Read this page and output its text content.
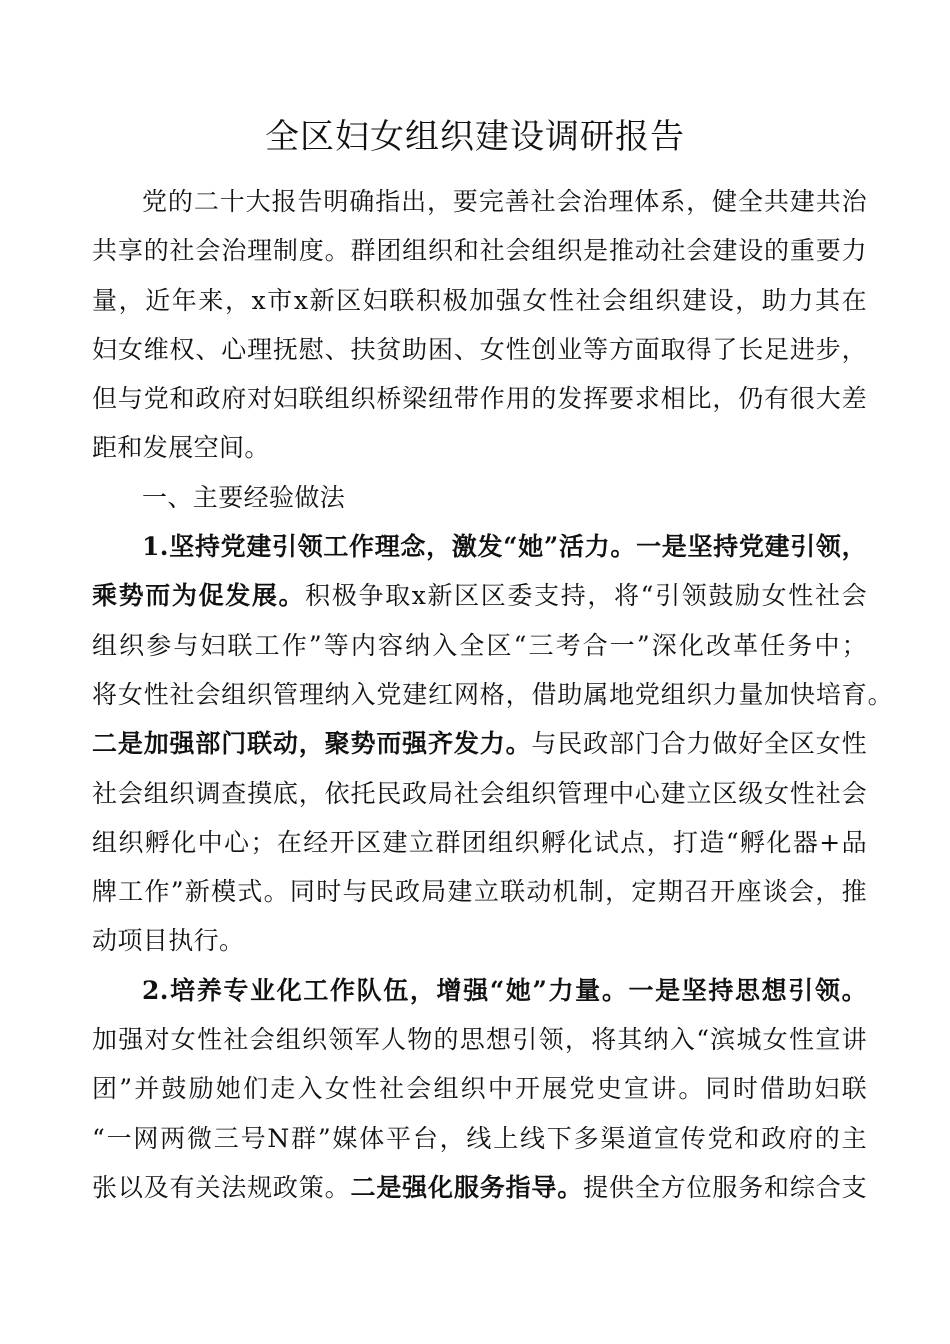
全区妇女组织建设调研报告
党的二十大报告明确指出，要完善社会治理体系，健全共建共治
共享的社会治理制度。群团组织和社会组织是推动社会建设的重要力
量，近年来，x市x新区妇联积极加强女性社会组织建设，助力其在
妇女维权、心理抚慰、扶贫助困、女性创业等方面取得了长足进步，
但与党和政府对妇联组织桥梁纽带作用的发挥要求相比，仍有很大差
距和发展空间。
一、主要经验做法
1.坚持党建引领工作理念，激发“她”活力。一是坚持党建引领，
乘势而为促发展。积极争取x新区区委支持，将“引领鼓励女性社会
组织参与妇联工作”等内容纳入全区“三考合一”深化改革任务中；
将女性社会组织管理纳入党建红网格，借助属地党组织力量加快培育。
二是加强部门联动，聚势而强齐发力。与民政部门合力做好全区女性
社会组织调查摸底，依托民政局社会组织管理中心建立区级女性社会
组织孵化中心；在经开区建立群团组织孵化试点，打造“孵化器+品
牌工作”新模式。同时与民政局建立联动机制，定期召开座谈会，推
动项目执行。
2.培养专业化工作队伍，增强“她”力量。一是坚持思想引领。
加强对女性社会组织领军人物的思想引领，将其纳入“滨城女性宣讲
团”并鼓励她们走入女性社会组织中开展党史宣讲。同时借助妇联
“一网两微三号N群”媒体平台，线上线下多渠道宣传党和政府的主
张以及有关法规政策。二是强化服务指导。提供全方位服务和综合支
